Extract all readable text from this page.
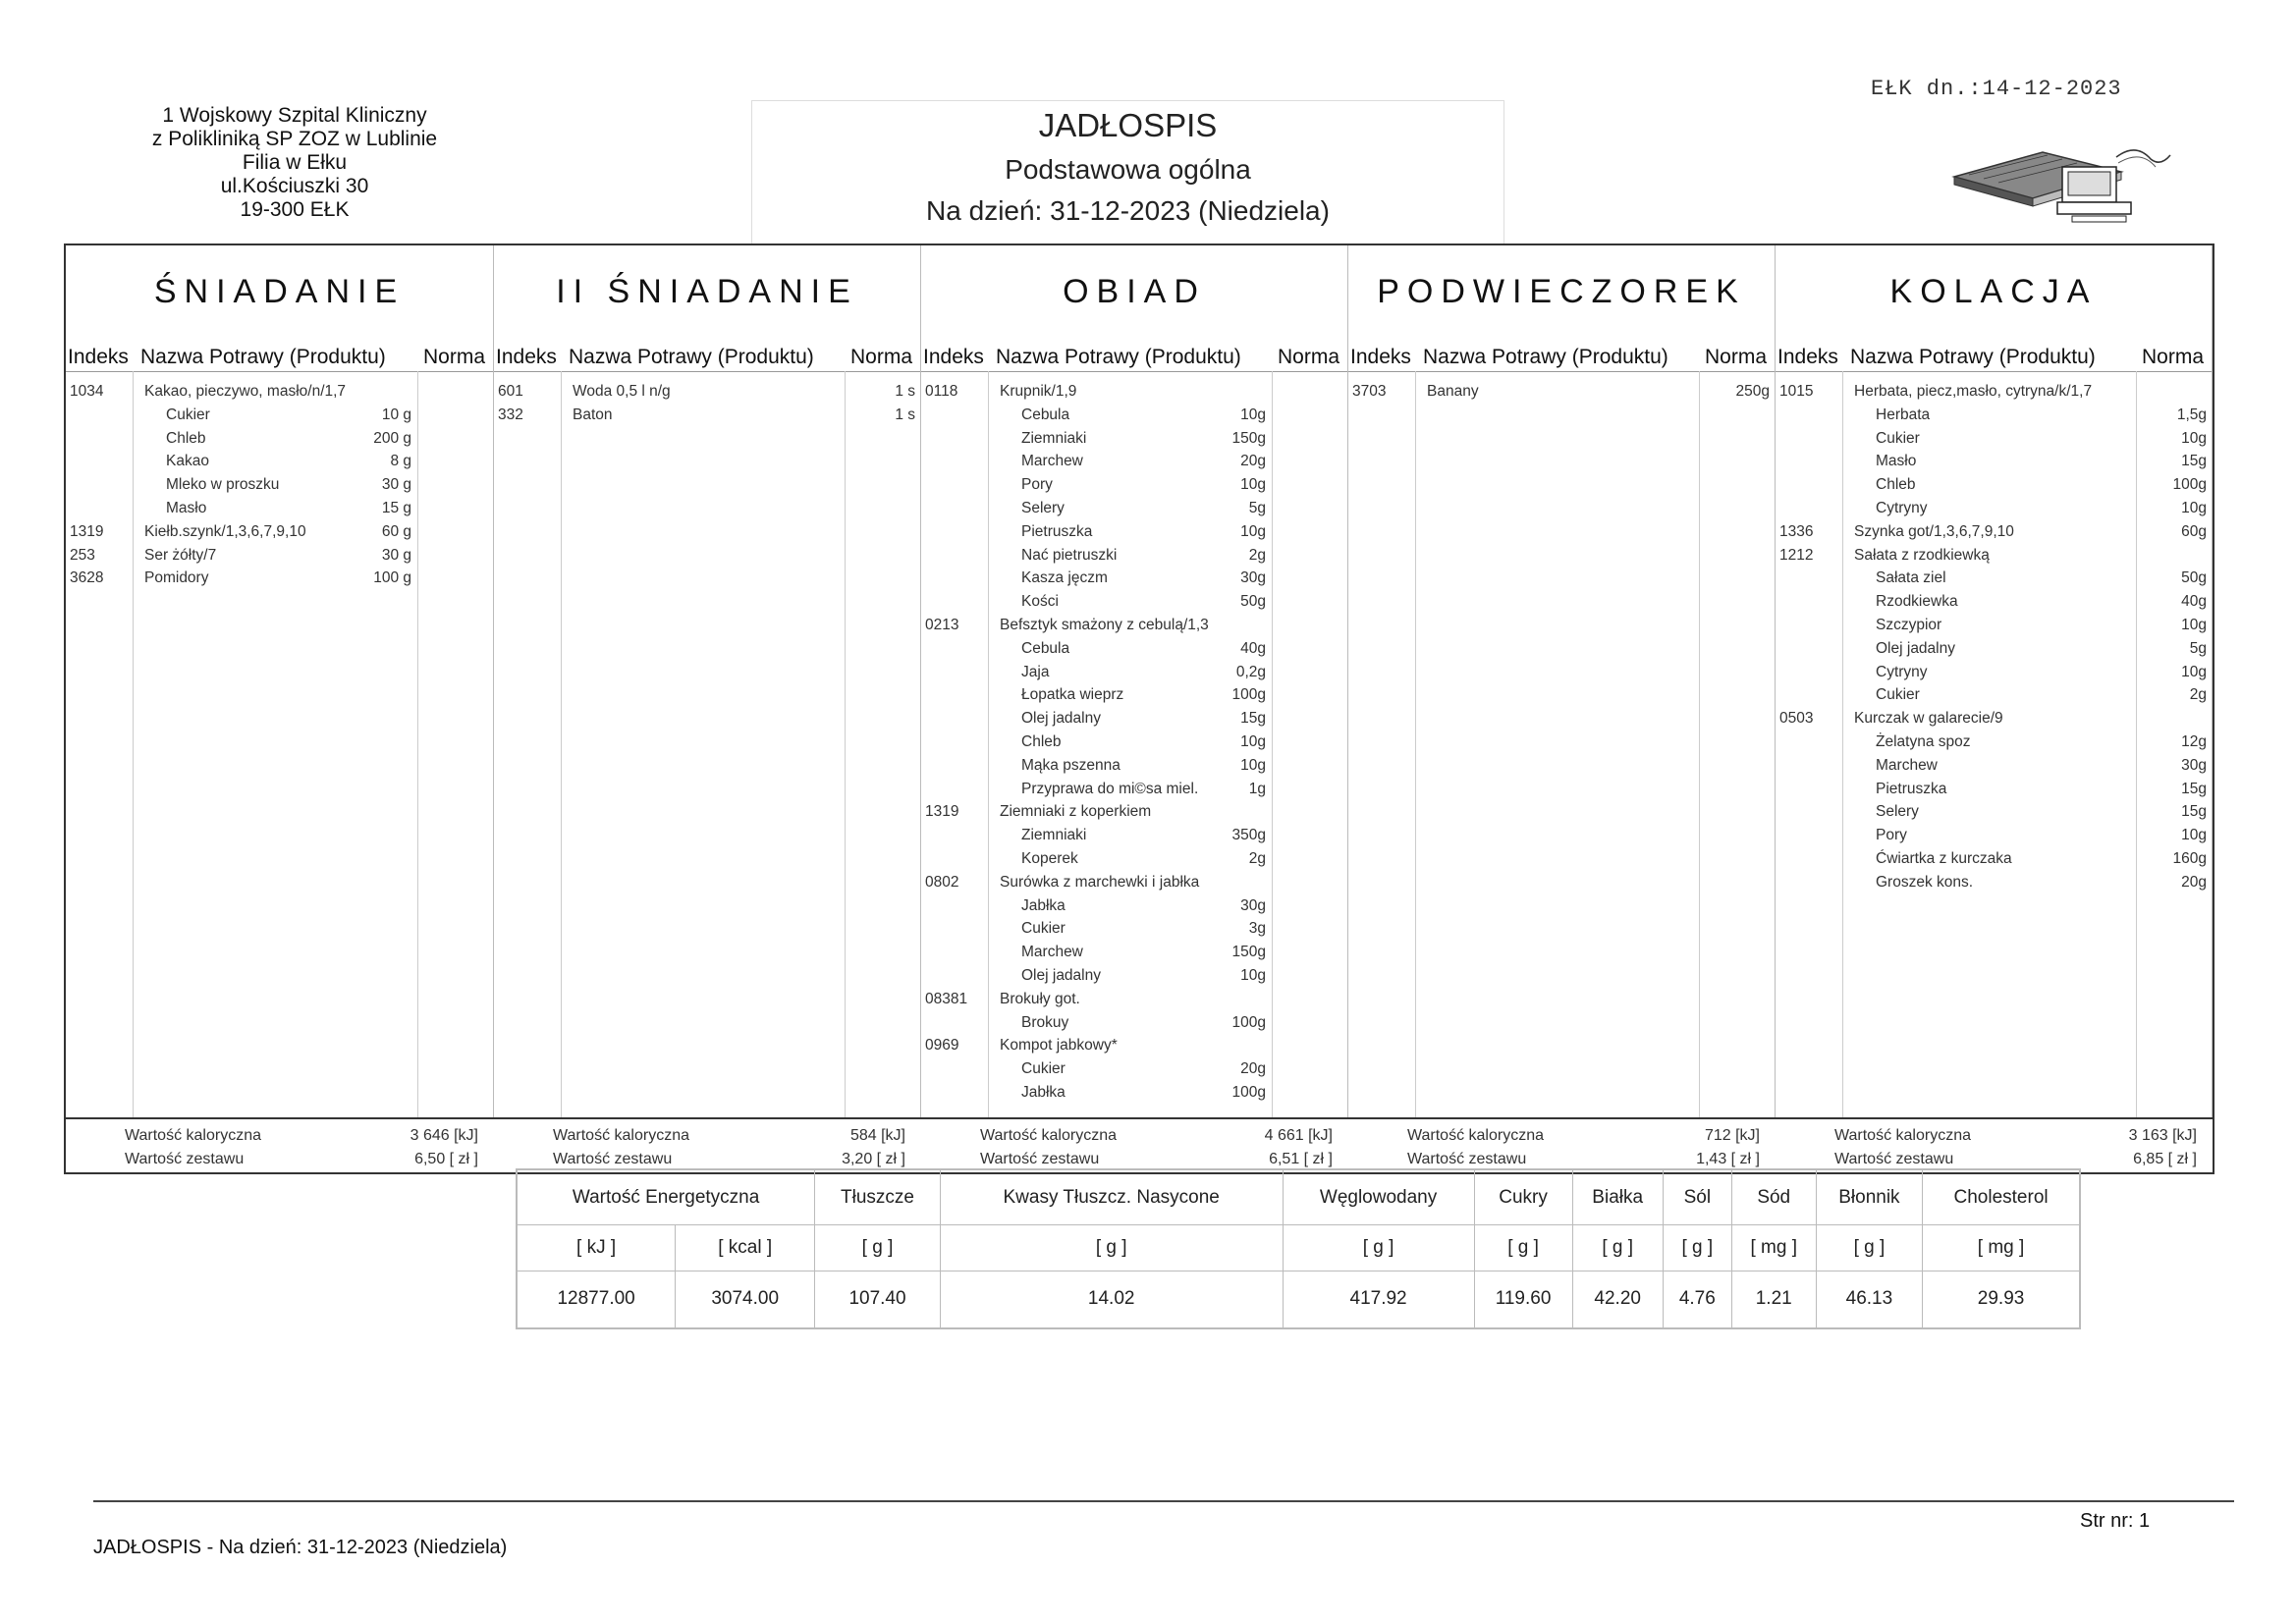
1 Wojskowy Szpital Kliniczny
z Polikliniką SP ZOZ w Lublinie
Filia w Ełku
ul.Kościuszki 30
19-300 EŁK
JADŁOSPIS
Podstawowa ogólna
Na dzień: 31-12-2023 (Niedziela)
EŁK dn.:14-12-2023
ŚNIADANIE
Indeks Nazwa Potrawy (Produktu) Norma
1034	Kakao, pieczywo, masło/n/1,7
Cukier	10 g
Chleb	200 g
Kakao	8 g
Mleko w proszku	30 g
Masło	15 g
1319	Kiełb.szynk/1,3,6,7,9,10	60 g
253	Ser żółty/7	30 g
3628	Pomidory	100 g
II ŚNIADANIE
Indeks Nazwa Potrawy (Produktu) Norma
601	Woda 0,5 l n/g	1 s
332	Baton	1 s
OBIAD
Indeks Nazwa Potrawy (Produktu) Norma
0118	Krupnik/1,9
Cebula	10g
Ziemniaki	150g
Marchew	20g
Pory	10g
Selery	5g
Pietruszka	10g
Nać pietruszki	2g
Kasza jęczm	30g
Kości	50g
0213	Befsztyk smażony z cebulą/1,3
Cebula	40g
Jaja	0,2g
Łopatka wieprz	100g
Olej jadalny	15g
Chleb	10g
Mąka pszenna	10g
Przyprawa do mi©sa miel.	1g
1319	Ziemniaki z koperkiem
Ziemniaki	350g
Koperek	2g
0802	Surówka z marchewki i jabłka
Jabłka	30g
Cukier	3g
Marchew	150g
Olej jadalny	10g
08381 Brokuły got.
Brokuy	100g
0969	Kompot jabkowy*
Cukier	20g
Jabłka	100g
PODWIECZOREK
Indeks Nazwa Potrawy (Produktu) Norma
3703	Banany	250g
KOLACJA
Indeks Nazwa Potrawy (Produktu) Norma
1015	Herbata, piecz,masło, cytryna/k/1,7
Herbata	1,5g
Cukier	10g
Masło	15g
Chleb	100g
Cytryny	10g
1336	Szynka got/1,3,6,7,9,10	60g
1212	Sałata z rzodkiewką
Sałata ziel	50g
Rzodkiewka	40g
Szczypior	10g
Olej jadalny	5g
Cytryny	10g
Cukier	2g
0503	Kurczak w galarecie/9
Żelatyna spoz	12g
Marchew	30g
Pietruszka	15g
Selery	15g
Pory	10g
Ćwiartka z kurczaka	160g
Groszek kons.	20g
Wartość kaloryczna	3 646 [kJ]
Wartość zestawu	6,50 [ zł ]
Wartość kaloryczna	584 [kJ]
Wartość zestawu	3,20 [ zł ]
Wartość kaloryczna	4 661 [kJ]
Wartość zestawu	6,51 [ zł ]
Wartość kaloryczna	712 [kJ]
Wartość zestawu	1,43 [ zł ]
Wartość kaloryczna	3 163 [kJ]
Wartość zestawu	6,85 [ zł ]
Wartość Energetyczna		Tłuszcze	Kwasy Tłuszcz. Nasycone	Węglowodany	Cukry	Białka	Sól	Sód	Błonnik	Cholesterol
[ kJ ]	[ kcal ]	[ g ]	[ g ]	[ g ]	[ g ]	[ g ]	[ g ]	[ mg ]	[ g ]	[ mg ]
12877.00	3074.00	107.40	14.02	417.92	119.60	42.20	4.76	1.21	46.13	29.93
JADŁOSPIS - Na dzień: 31-12-2023 (Niedziela)
Str nr: 1
